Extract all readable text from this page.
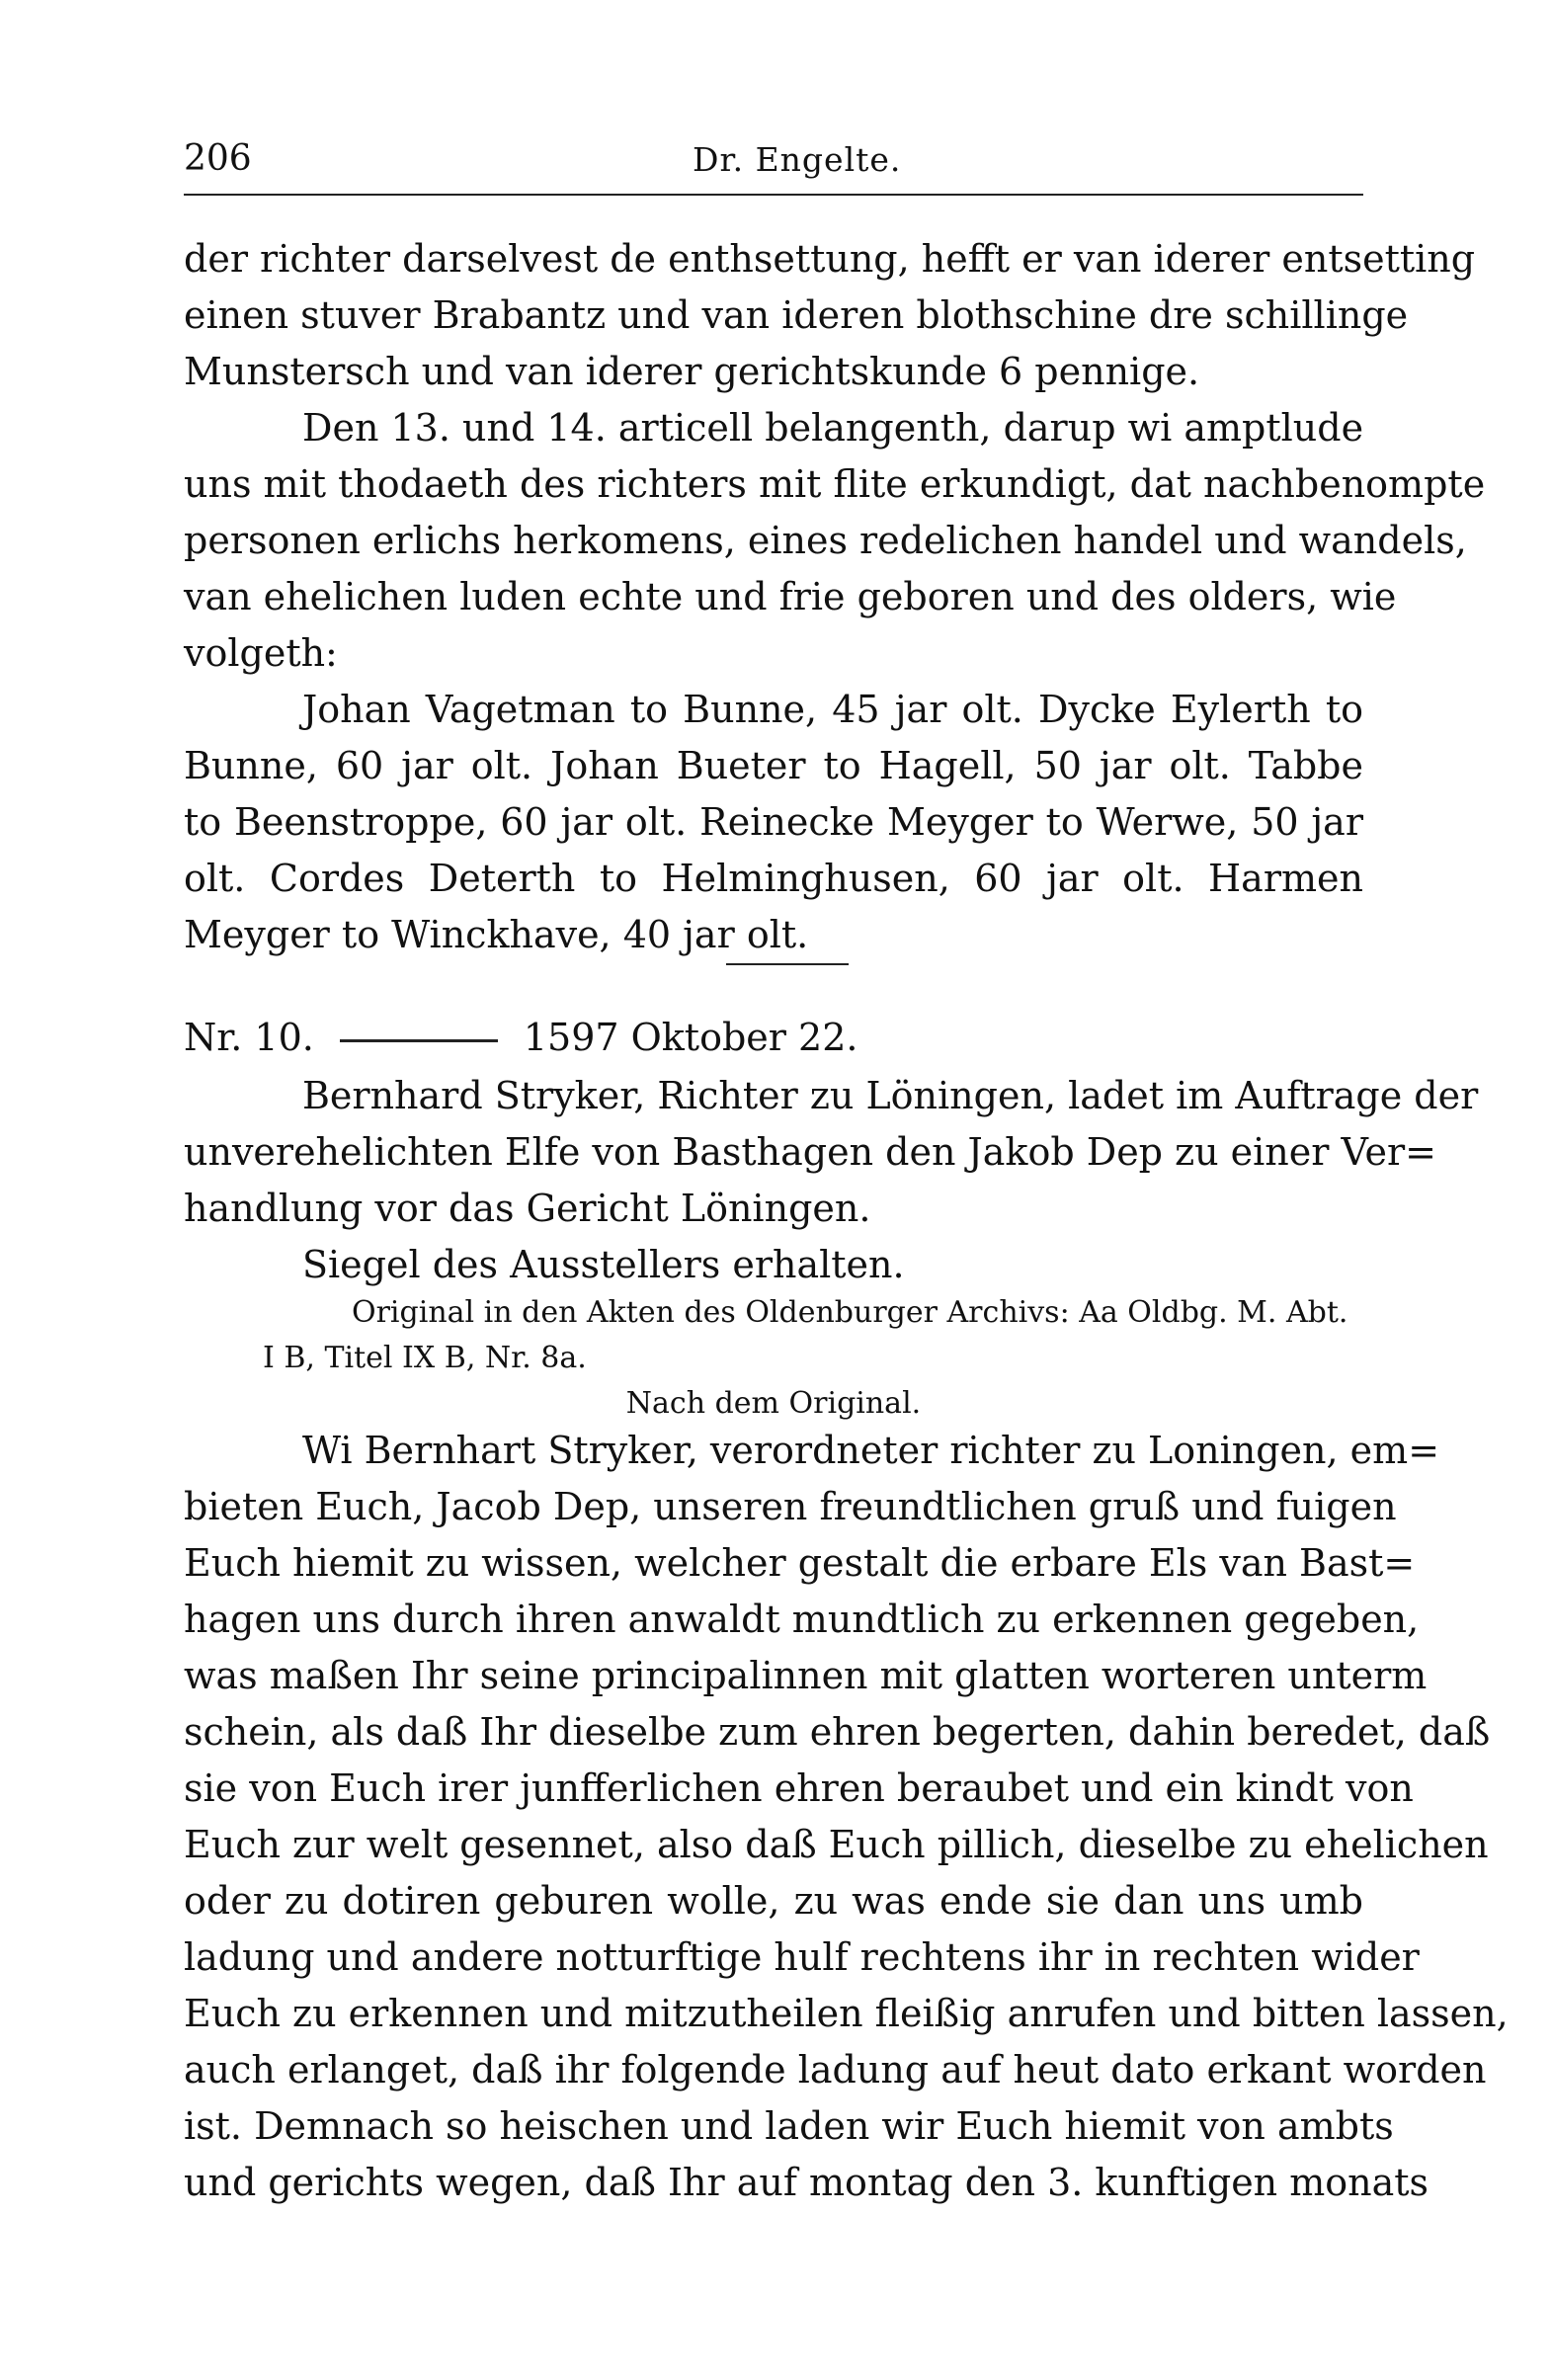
206	Dr. Engelte.
der richter darselvest de enthsettung, hefft er van iderer entsetting
einen stuver Brabantz und van ideren blothschine dre schillinge
Munstersch und van iderer gerichtskunde 6 pennige.
Den 13. und 14. articell belangenth, darup wi amptlude
uns mit thodaeth des richters mit flite erkundigt, dat nachbenompte
personen erlichs herkomens, eines redelichen handel und wandels,
van ehelichen luden echte und frie geboren und des olders, wie
volgeth:
Johan Vagetman to Bunne, 45 jar olt. Dycke Eylerth to
Bunne, 60 jar olt. Johan Bueter to Hagell, 50 jar olt. Tabbe
to Beenstroppe, 60 jar olt. Reinecke Meyger to Werwe, 50 jar
olt. Cordes Deterth to Helminghusen, 60 jar olt. Harmen
Meyger to Winckhave, 40 jar olt.
Nr. 10.	1597 Oktober 22.
Bernhard Stryker, Richter zu Löningen, ladet im Auftrage der
unverehelichten Elfe von Basthagen den Jakob Dep zu einer Ver=
handlung vor das Gericht Löningen.
Siegel des Ausstellers erhalten.
Original in den Akten des Oldenburger Archivs: Aa Oldbg. M. Abt.
I B, Titel IX B, Nr. 8a.
Nach dem Original.
Wi Bernhart Stryker, verordneter richter zu Loningen, em=
bieten Euch, Jacob Dep, unseren freundtlichen gruß und fuigen
Euch hiemit zu wissen, welcher gestalt die erbare Els van Bast=
hagen uns durch ihren anwaldt mundtlich zu erkennen gegeben,
was maßen Ihr seine principalinnen mit glatten worteren unterm
schein, als daß Ihr dieselbe zum ehren begerten, dahin beredet, daß
sie von Euch irer junfferlichen ehren beraubet und ein kindt von
Euch zur welt gesennet, also daß Euch pillich, dieselbe zu ehelichen
oder zu dotiren geburen wolle, zu was ende sie dan uns umb
ladung und andere notturftige hulf rechtens ihr in rechten wider
Euch zu erkennen und mitzutheilen fleißig anrufen und bitten lassen,
auch erlanget, daß ihr folgende ladung auf heut dato erkant worden
ist. Demnach so heischen und laden wir Euch hiemit von ambts
und gerichts wegen, daß Ihr auf montag den 3. kunftigen monats
